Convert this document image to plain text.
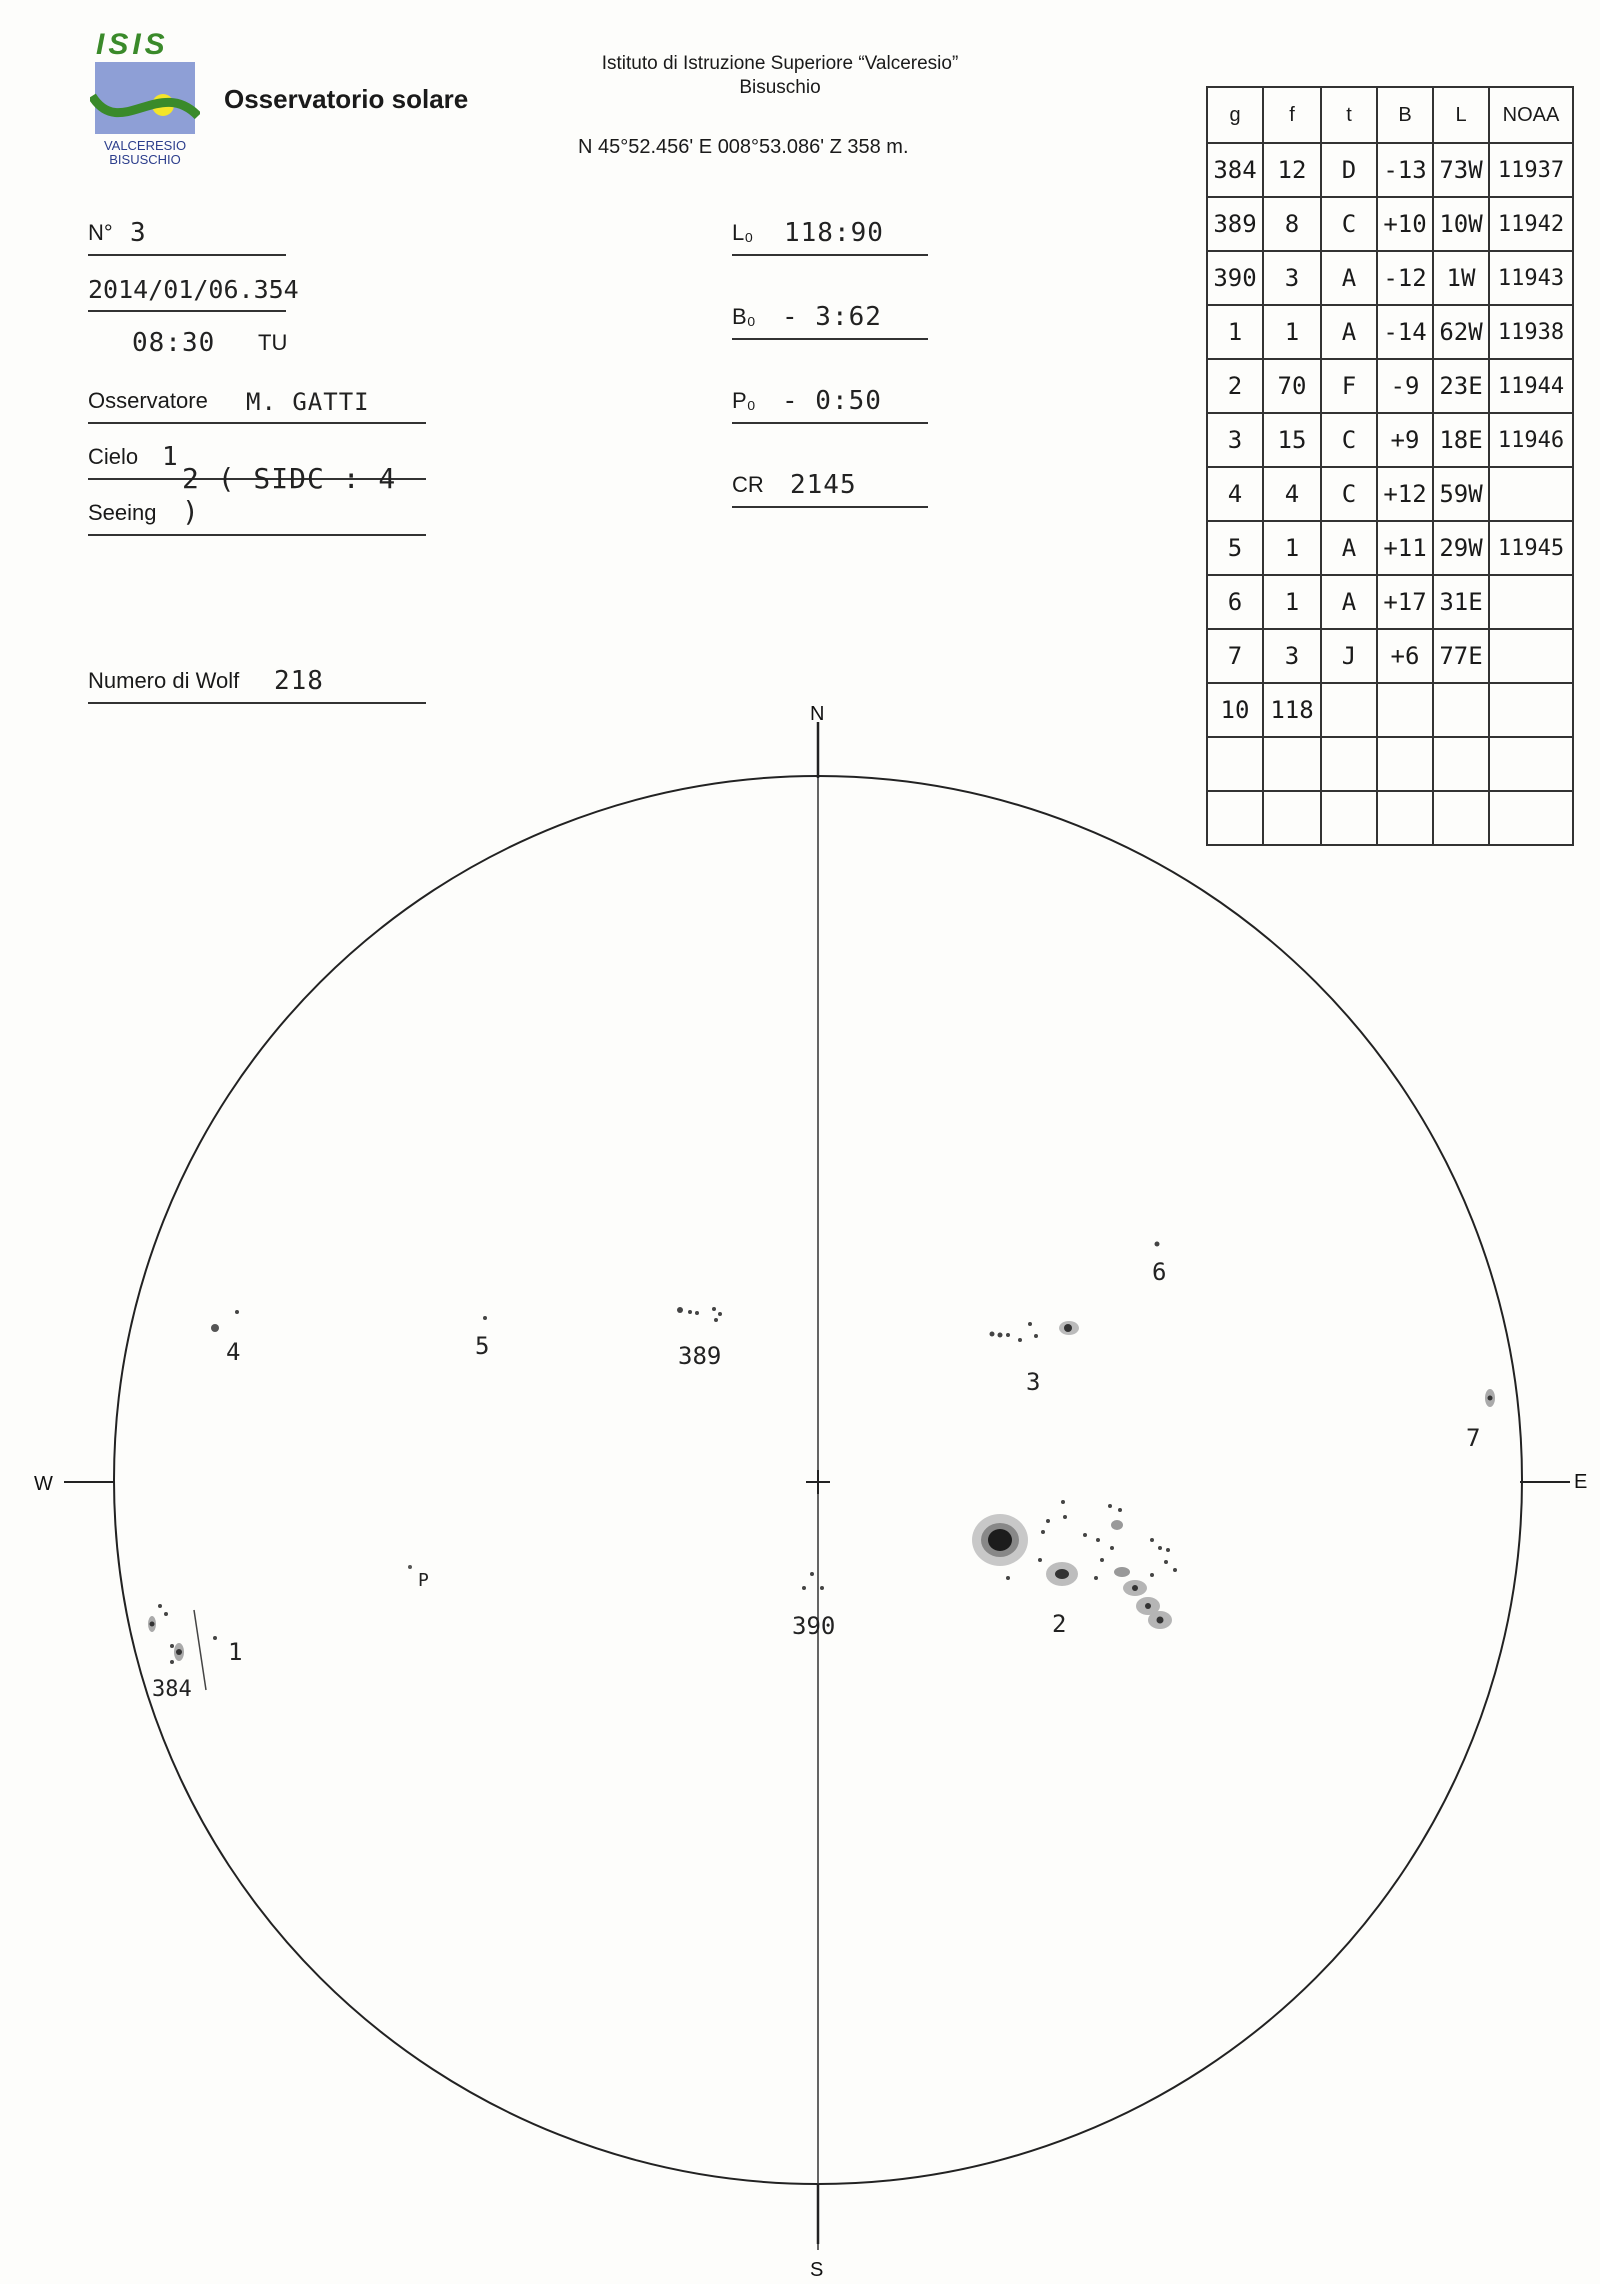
ISIS
VALCERESIO
BISUSCHIO
Osservatorio solare
Istituto di Istruzione Superiore “Valceresio”
Bisuschio
N 45°52.456' E 008°53.086' Z 358 m.
N° 3
2014/01/06.354
08:30 TU
Osservatore M. GATTI
Cielo 1
Seeing
2 ( SIDC : 4 )
Numero di Wolf 218
L₀ 118:90
B₀ - 3:62
P₀ - 0:50
CR 2145
g	f	t	B	L	NOAA
384	12	D	-13	73W	11937
389	8	C	+10	10W	11942
390	3	A	-12	1W	11943
1	1	A	-14	62W	11938
2	70	F	-9	23E	11944
3	15	C	+9	18E	11946
4	4	C	+12	59W	
5	1	A	+11	29W	11945
6	1	A	+17	31E	
7	3	J	+6	77E	
10	118				

N
S
W	E
4	5	389
3
6
7
2
390
P
384
1
